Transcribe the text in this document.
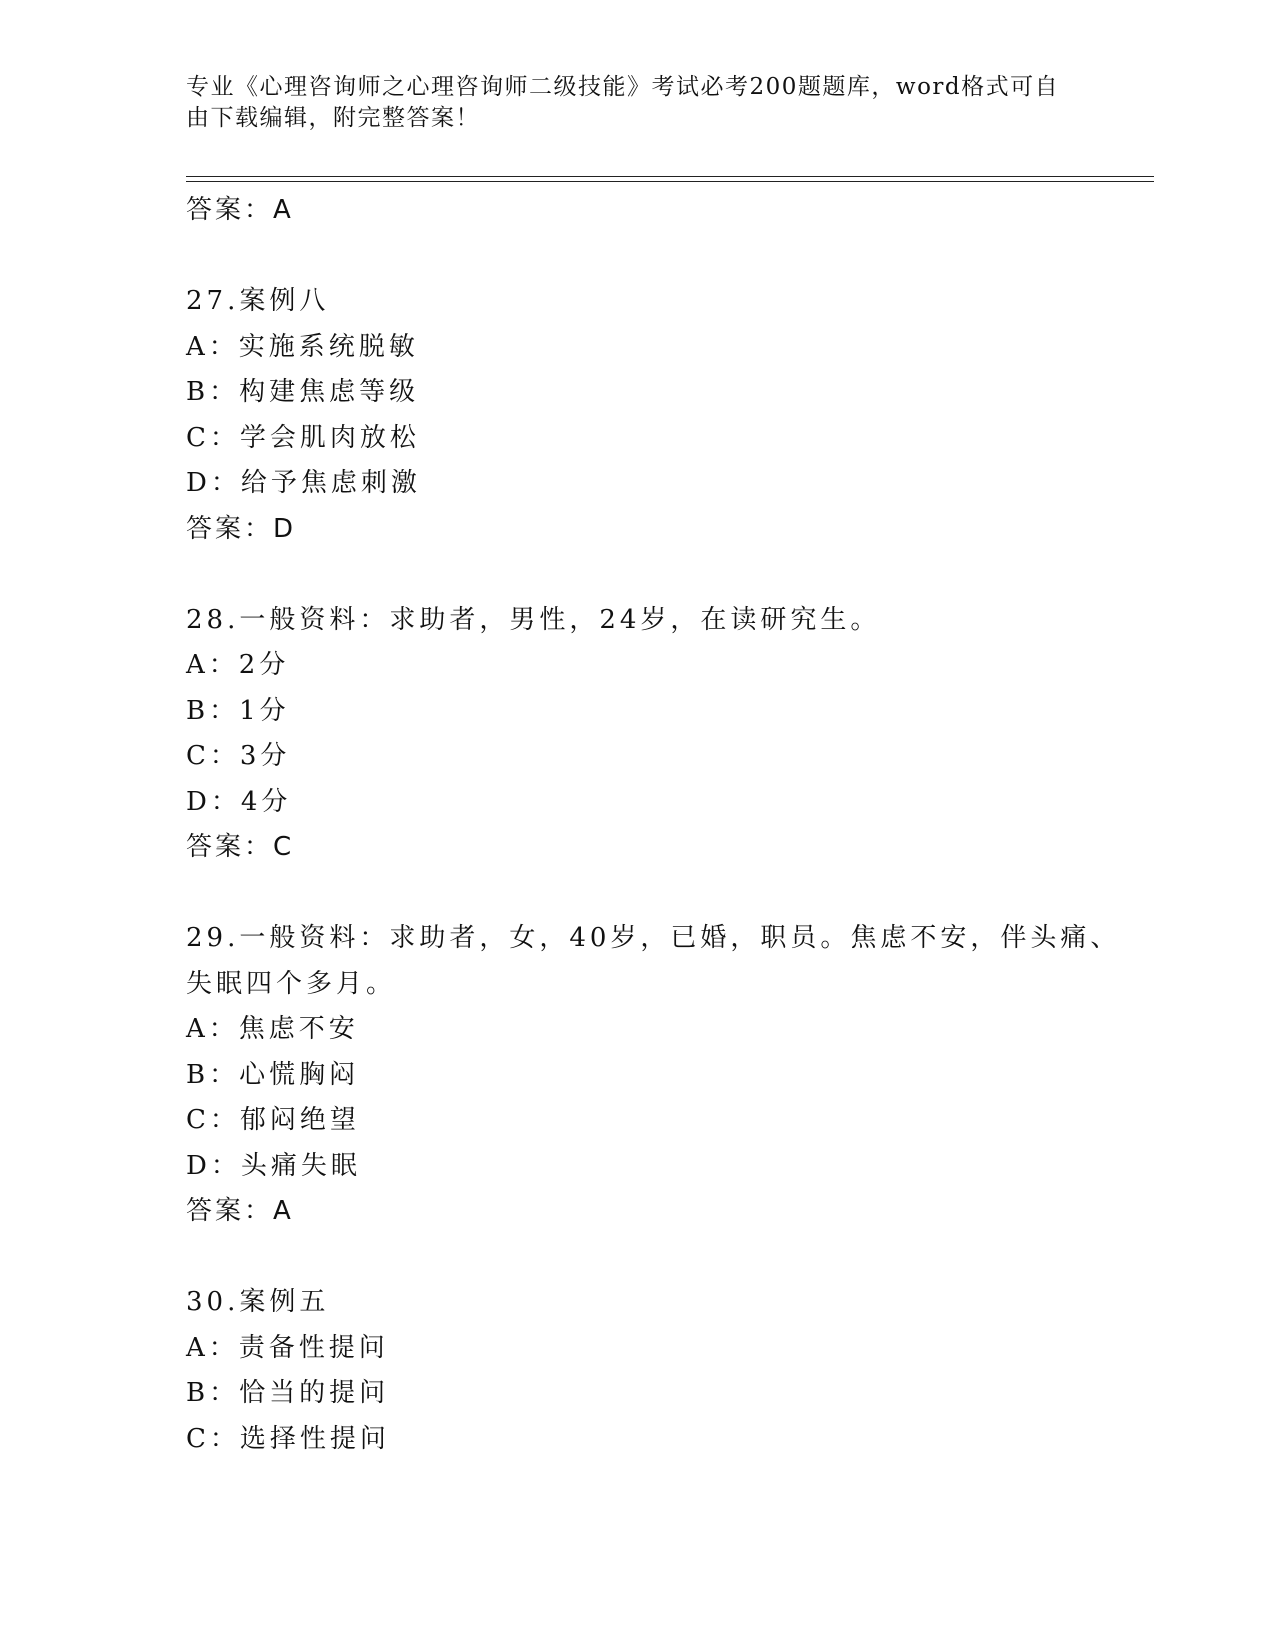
专业《心理咨询师之心理咨询师二级技能》考试必考200题题库，word格式可自
由下载编辑，附完整答案！
答案：A
27.案例八
A：实施系统脱敏
B：构建焦虑等级
C：学会肌肉放松
D：给予焦虑刺激
答案：D
28.一般资料：求助者，男性，24岁，在读研究生。
A：2分
B：1分
C：3分
D：4分
答案：C
29.一般资料：求助者，女，40岁，已婚，职员。焦虑不安，伴头痛、
失眠四个多月。
A：焦虑不安
B：心慌胸闷
C：郁闷绝望
D：头痛失眠
答案：A
30.案例五
A：责备性提问
B：恰当的提问
C：选择性提问
